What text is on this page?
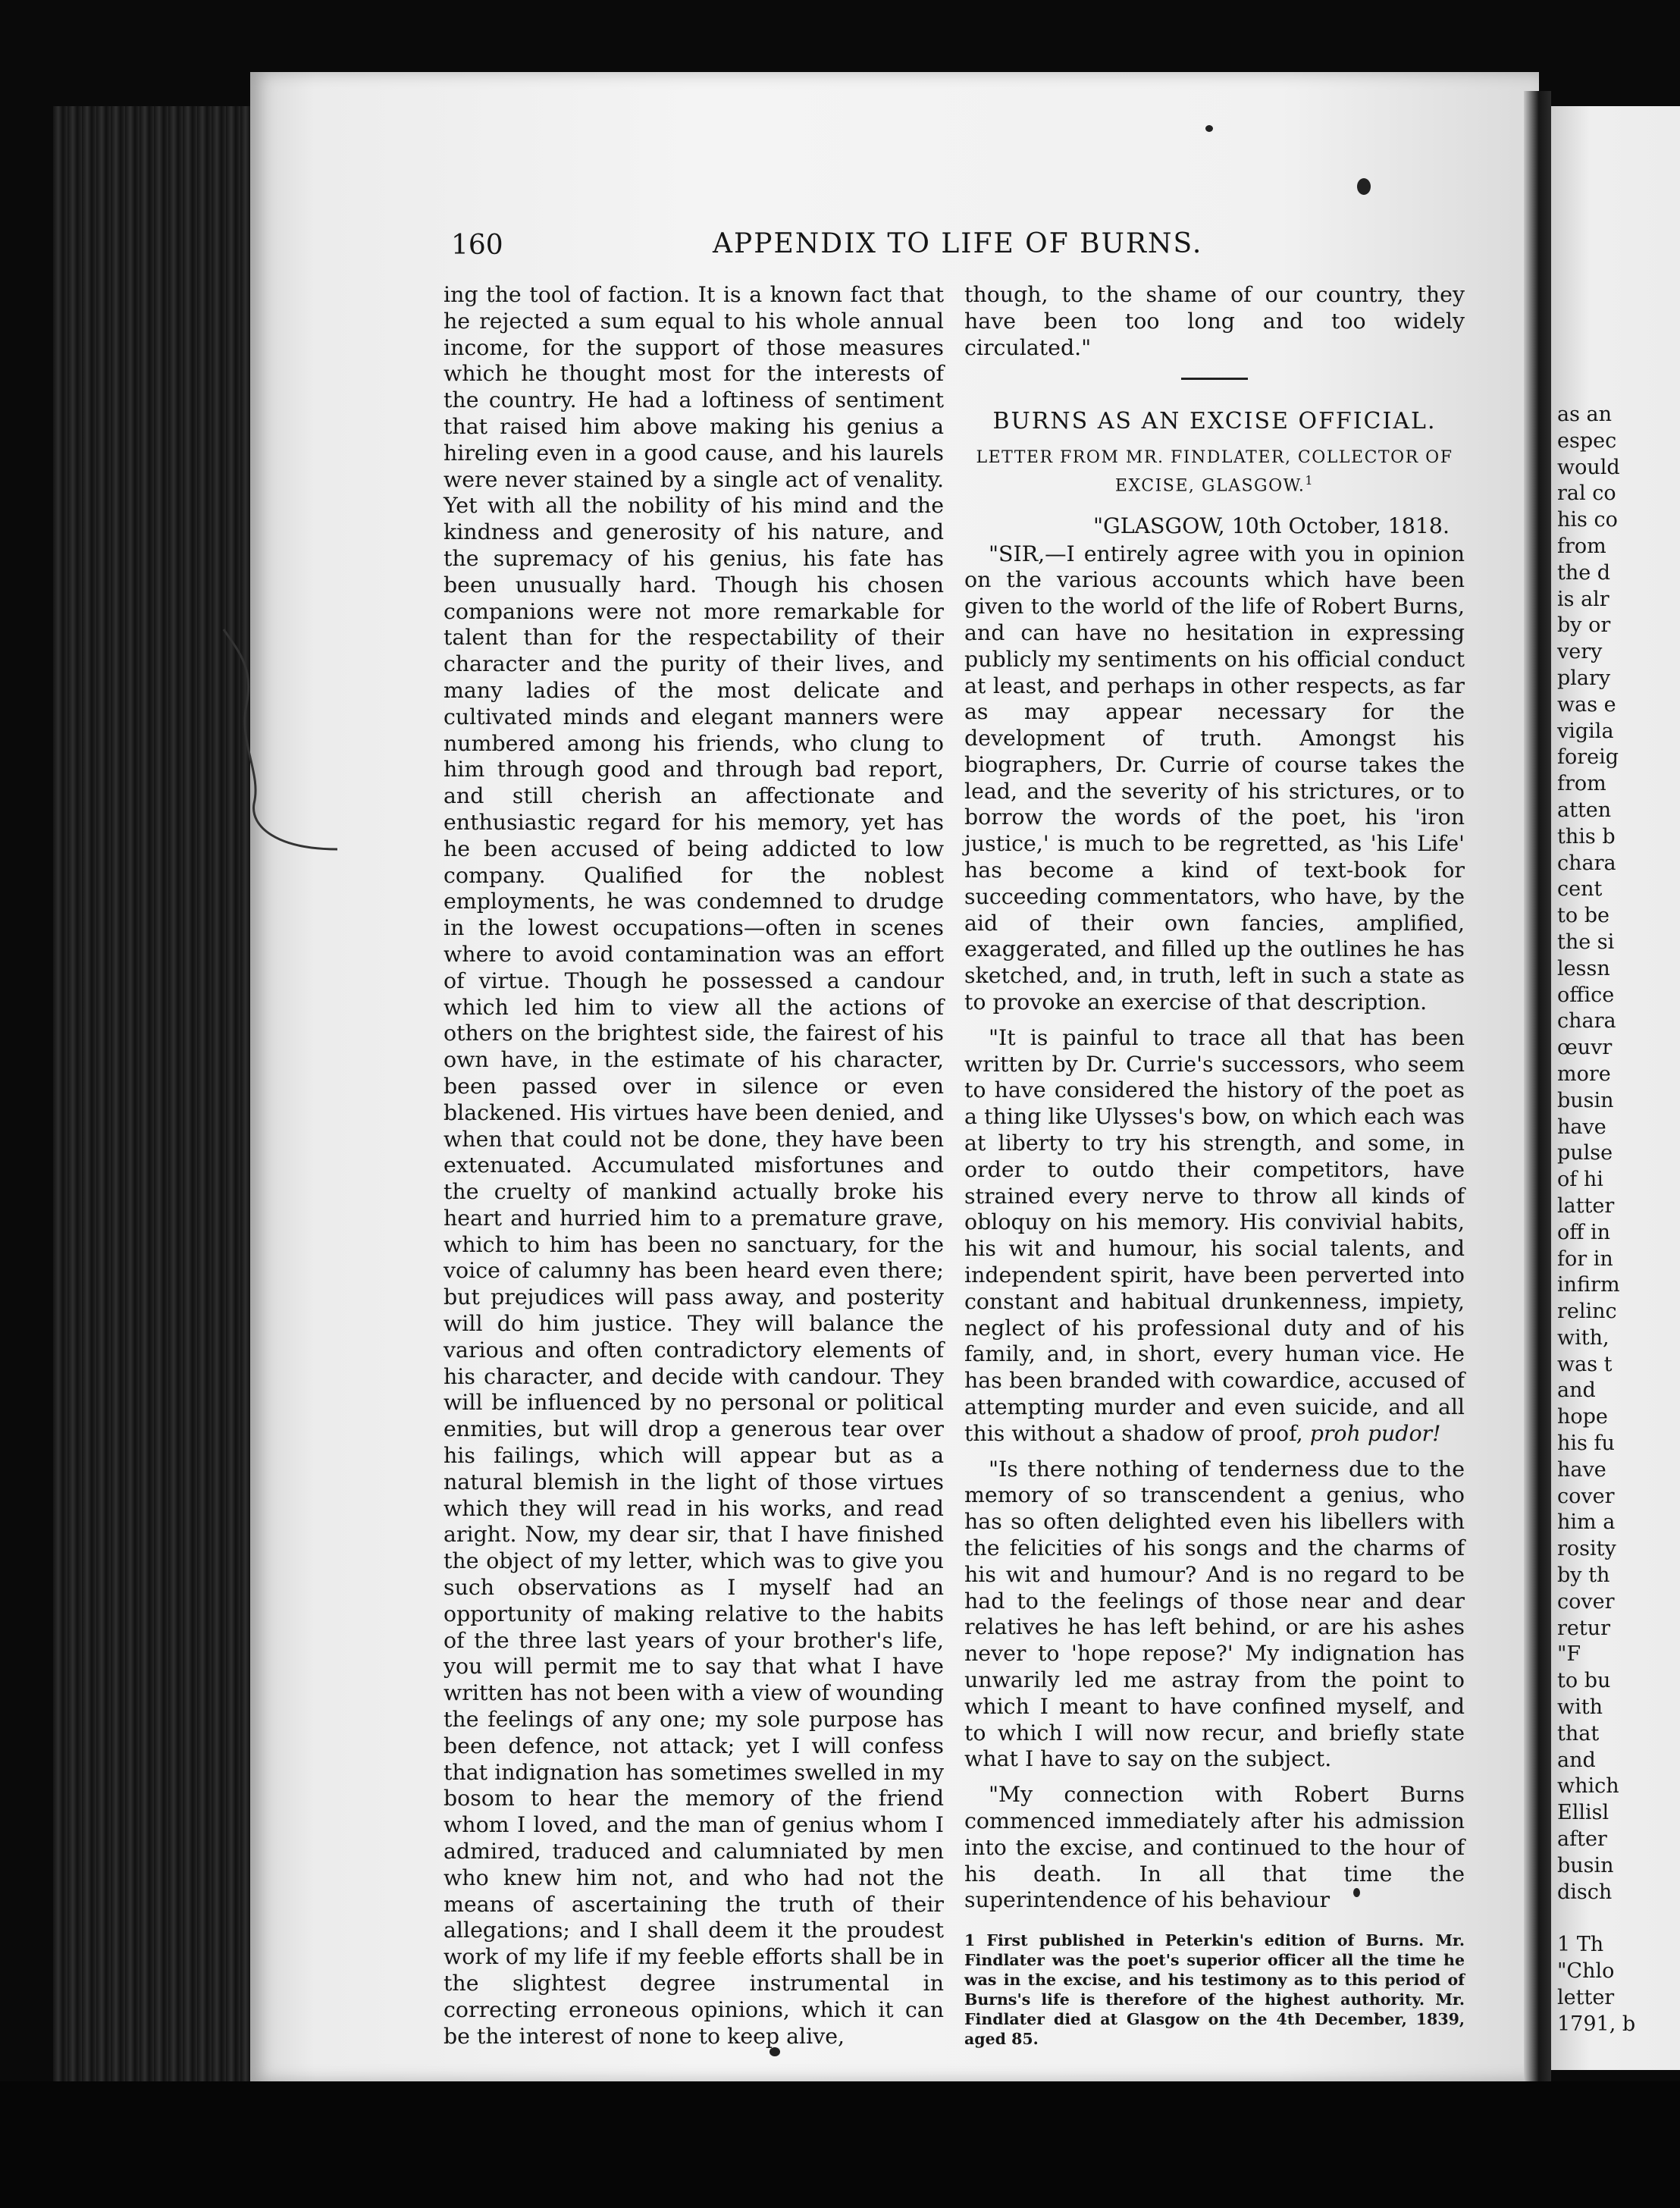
as an
espec
would
ral co
his co
from
the d
is alr
by or
very
plary
was e
vigila
foreig
from
atten
this b
chara
cent
to be
the si
lessn
office
chara
œuvr
more
busin
have
pulse
of hi
latter
off in
for in
infirm
relinc
with,
was t
and
hope
his fu
have
cover
him a
rosity
by th
cover
retur
"F
to bu
with
that
and
which
Ellisl
after
busin
disch

1 Th
"Chlo
letter
1791, b
160	APPENDIX TO LIFE OF BURNS.

ing the tool of faction. It is a known fact that he rejected a sum equal to his whole annual income, for the support of those measures which he thought most for the interests of the country. He had a loftiness of sentiment that raised him above making his genius a hireling even in a good cause, and his laurels were never stained by a single act of venality. Yet with all the nobility of his mind and the kindness and generosity of his nature, and the supremacy of his genius, his fate has been unusually hard. Though his chosen companions were not more remarkable for talent than for the respectability of their character and the purity of their lives, and many ladies of the most delicate and cultivated minds and elegant manners were numbered among his friends, who clung to him through good and through bad report, and still cherish an affectionate and enthusiastic regard for his memory, yet has he been accused of being addicted to low company. Qualified for the noblest employments, he was condemned to drudge in the lowest occupations—often in scenes where to avoid contamination was an effort of virtue. Though he possessed a candour which led him to view all the actions of others on the brightest side, the fairest of his own have, in the estimate of his character, been passed over in silence or even blackened. His virtues have been denied, and when that could not be done, they have been extenuated. Accumulated misfortunes and the cruelty of mankind actually broke his heart and hurried him to a premature grave, which to him has been no sanctuary, for the voice of calumny has been heard even there; but prejudices will pass away, and posterity will do him justice. They will balance the various and often contradictory elements of his character, and decide with candour. They will be influenced by no personal or political enmities, but will drop a generous tear over his failings, which will appear but as a natural blemish in the light of those virtues which they will read in his works, and read aright. Now, my dear sir, that I have finished the object of my letter, which was to give you such observations as I myself had an opportunity of making relative to the habits of the three last years of your brother's life, you will permit me to say that what I have written has not been with a view of wounding the feelings of any one; my sole purpose has been defence, not attack; yet I will confess that indignation has sometimes swelled in my bosom to hear the memory of the friend whom I loved, and the man of genius whom I admired, traduced and calumniated by men who knew him not, and who had not the means of ascertaining the truth of their allegations; and I shall deem it the proudest work of my life if my feeble efforts shall be in the slightest degree instrumental in correcting erroneous opinions, which it can be the interest of none to keep alive,

though, to the shame of our country, they have been too long and too widely circulated."

BURNS AS AN EXCISE OFFICIAL.
LETTER FROM MR. FINDLATER, COLLECTOR OF EXCISE, GLASGOW.$^1$

"GLASGOW, 10th October, 1818.

"SIR,—I entirely agree with you in opinion on the various accounts which have been given to the world of the life of Robert Burns, and can have no hesitation in expressing publicly my sentiments on his official conduct at least, and perhaps in other respects, as far as may appear necessary for the development of truth. Amongst his biographers, Dr. Currie of course takes the lead, and the severity of his strictures, or to borrow the words of the poet, his 'iron justice,' is much to be regretted, as 'his Life' has become a kind of text-book for succeeding commentators, who have, by the aid of their own fancies, amplified, exaggerated, and filled up the outlines he has sketched, and, in truth, left in such a state as to provoke an exercise of that description.

"It is painful to trace all that has been written by Dr. Currie's successors, who seem to have considered the history of the poet as a thing like Ulysses's bow, on which each was at liberty to try his strength, and some, in order to outdo their competitors, have strained every nerve to throw all kinds of obloquy on his memory. His convivial habits, his wit and humour, his social talents, and independent spirit, have been perverted into constant and habitual drunkenness, impiety, neglect of his professional duty and of his family, and, in short, every human vice. He has been branded with cowardice, accused of attempting murder and even suicide, and all this without a shadow of proof, proh pudor!

"Is there nothing of tenderness due to the memory of so transcendent a genius, who has so often delighted even his libellers with the felicities of his songs and the charms of his wit and humour? And is no regard to be had to the feelings of those near and dear relatives he has left behind, or are his ashes never to 'hope repose?' My indignation has unwarily led me astray from the point to which I meant to have confined myself, and to which I will now recur, and briefly state what I have to say on the subject.

"My connection with Robert Burns commenced immediately after his admission into the excise, and continued to the hour of his death. In all that time the superintendence of his behaviour

1 First published in Peterkin's edition of Burns. Mr. Findlater was the poet's superior officer all the time he was in the excise, and his testimony as to this period of Burns's life is therefore of the highest authority. Mr. Findlater died at Glasgow on the 4th December, 1839, aged 85.
